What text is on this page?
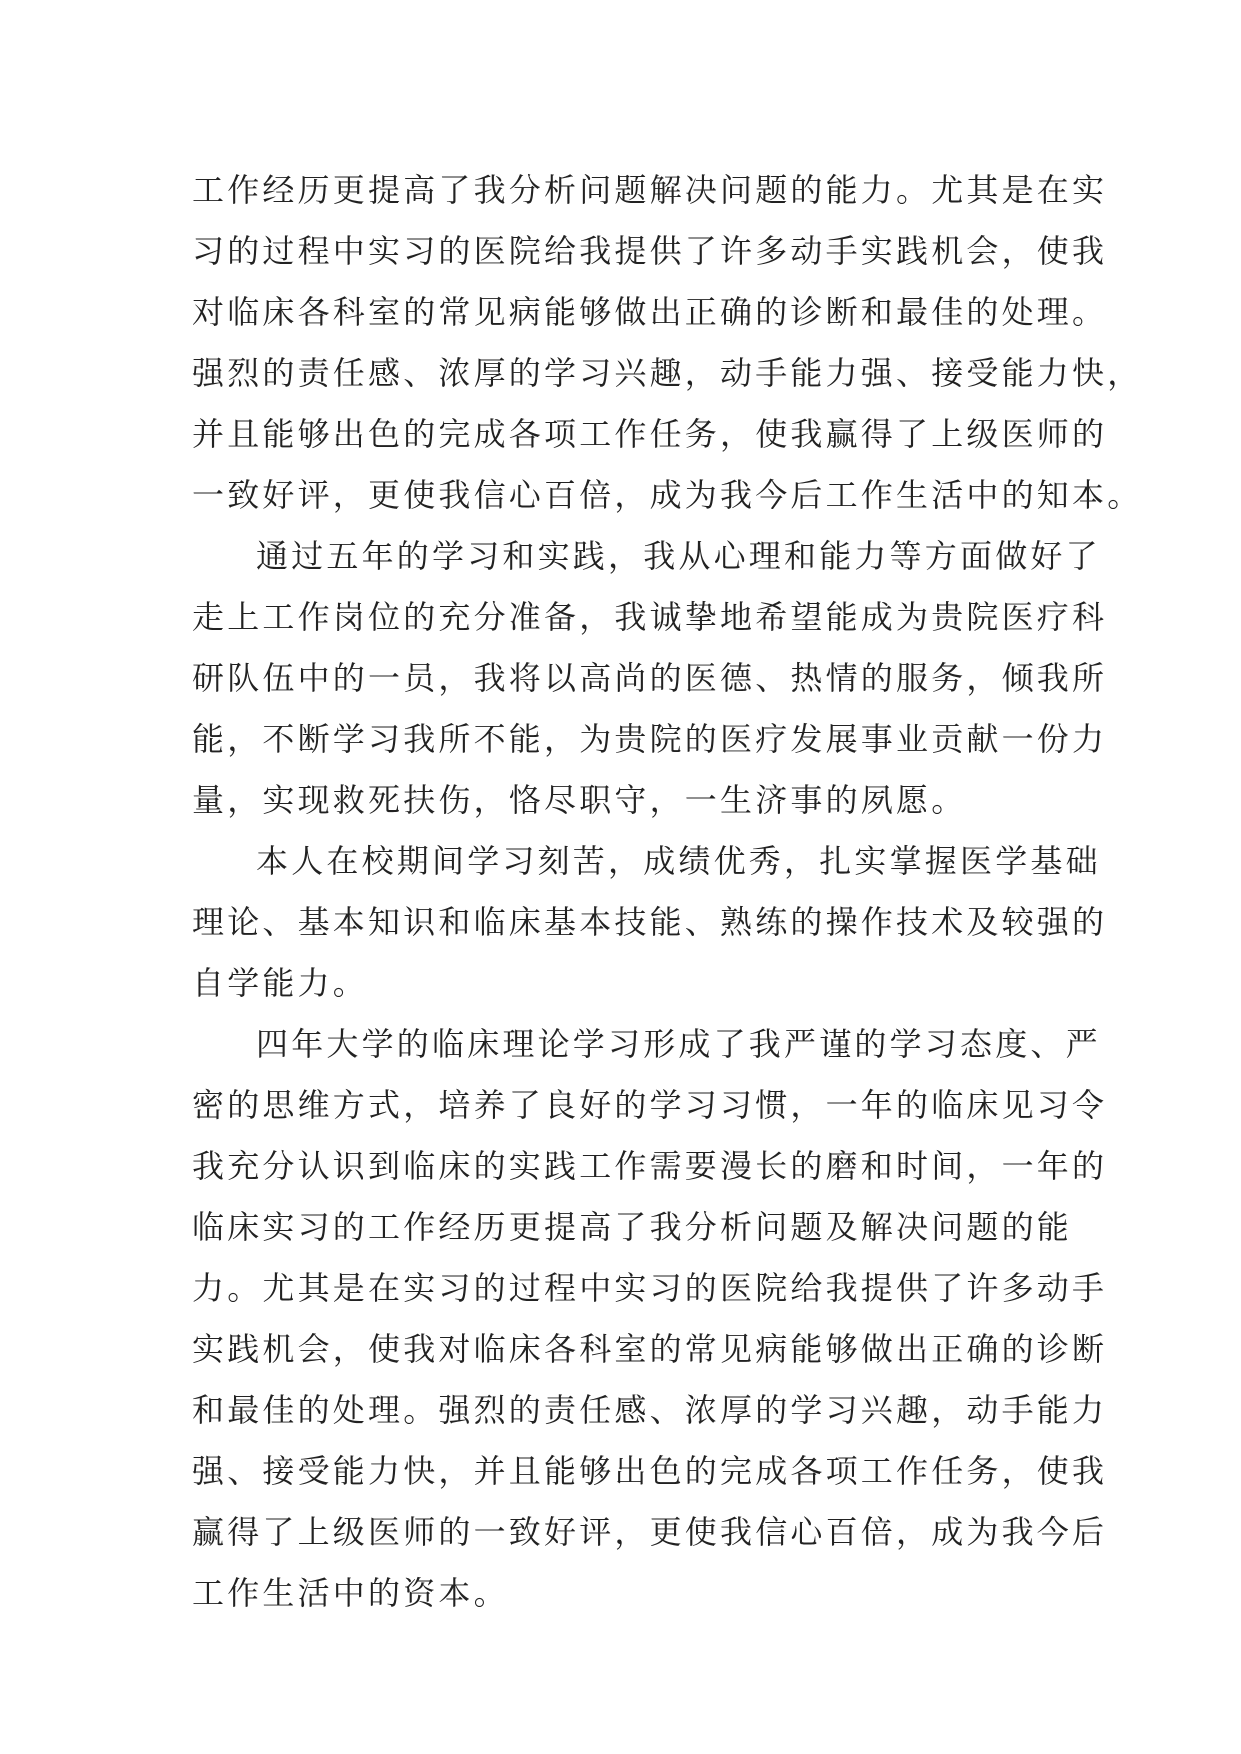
工作经历更提高了我分析问题解决问题的能力。尤其是在实
习的过程中实习的医院给我提供了许多动手实践机会，使我
对临床各科室的常见病能够做出正确的诊断和最佳的处理。
强烈的责任感、浓厚的学习兴趣，动手能力强、接受能力快，
并且能够出色的完成各项工作任务，使我赢得了上级医师的
一致好评，更使我信心百倍，成为我今后工作生活中的知本。
通过五年的学习和实践，我从心理和能力等方面做好了
走上工作岗位的充分准备，我诚挚地希望能成为贵院医疗科
研队伍中的一员，我将以高尚的医德、热情的服务，倾我所
能，不断学习我所不能，为贵院的医疗发展事业贡献一份力
量，实现救死扶伤，恪尽职守，一生济事的夙愿。
本人在校期间学习刻苦，成绩优秀，扎实掌握医学基础
理论、基本知识和临床基本技能、熟练的操作技术及较强的
自学能力。
四年大学的临床理论学习形成了我严谨的学习态度、严
密的思维方式，培养了良好的学习习惯，一年的临床见习令
我充分认识到临床的实践工作需要漫长的磨和时间，一年的
临床实习的工作经历更提高了我分析问题及解决问题的能
力。尤其是在实习的过程中实习的医院给我提供了许多动手
实践机会，使我对临床各科室的常见病能够做出正确的诊断
和最佳的处理。强烈的责任感、浓厚的学习兴趣，动手能力
强、接受能力快，并且能够出色的完成各项工作任务，使我
赢得了上级医师的一致好评，更使我信心百倍，成为我今后
工作生活中的资本。
